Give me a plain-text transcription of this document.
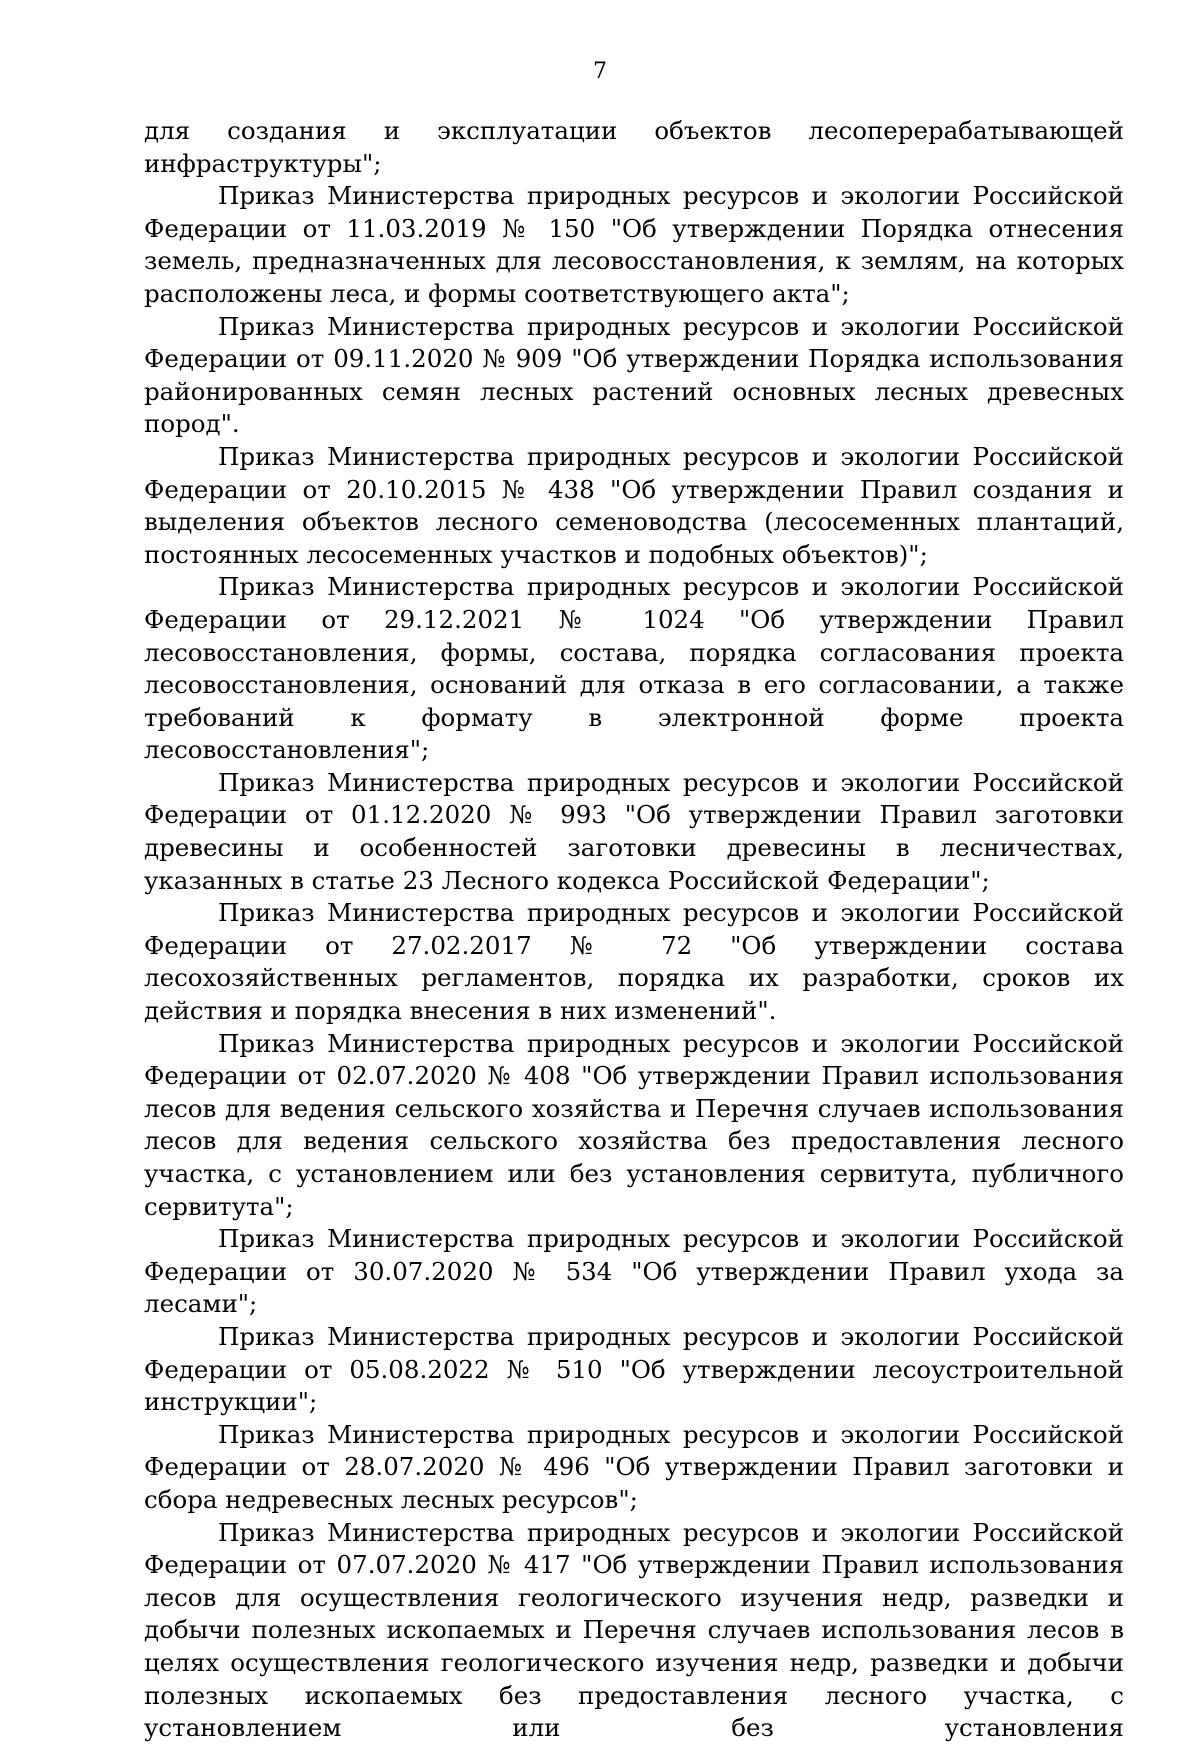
7

для создания и эксплуатации объектов лесоперерабатывающей инфраструктуры";

Приказ Министерства природных ресурсов и экологии Российской Федерации от 11.03.2019 № 150 "Об утверждении Порядка отнесения земель, предназначенных для лесовосстановления, к землям, на которых расположены леса, и формы соответствующего акта";

Приказ Министерства природных ресурсов и экологии Российской Федерации от 09.11.2020 № 909 "Об утверждении Порядка использования районированных семян лесных растений основных лесных древесных пород".

Приказ Министерства природных ресурсов и экологии Российской Федерации от 20.10.2015 № 438 "Об утверждении Правил создания и выделения объектов лесного семеноводства (лесосеменных плантаций, постоянных лесосеменных участков и подобных объектов)";

Приказ Министерства природных ресурсов и экологии Российской Федерации от 29.12.2021 № 1024 "Об утверждении Правил лесовосстановления, формы, состава, порядка согласования проекта лесовосстановления, оснований для отказа в его согласовании, а также требований к формату в электронной форме проекта лесовосстановления";

Приказ Министерства природных ресурсов и экологии Российской Федерации от 01.12.2020 № 993 "Об утверждении Правил заготовки древесины и особенностей заготовки древесины в лесничествах, указанных в статье 23 Лесного кодекса Российской Федерации";

Приказ Министерства природных ресурсов и экологии Российской Федерации от 27.02.2017 № 72 "Об утверждении состава лесохозяйственных регламентов, порядка их разработки, сроков их действия и порядка внесения в них изменений".

Приказ Министерства природных ресурсов и экологии Российской Федерации от 02.07.2020 № 408 "Об утверждении Правил использования лесов для ведения сельского хозяйства и Перечня случаев использования лесов для ведения сельского хозяйства без предоставления лесного участка, с установлением или без установления сервитута, публичного сервитута";

Приказ Министерства природных ресурсов и экологии Российской Федерации от 30.07.2020 № 534 "Об утверждении Правил ухода за лесами";

Приказ Министерства природных ресурсов и экологии Российской Федерации от 05.08.2022 № 510 "Об утверждении лесоустроительной инструкции";

Приказ Министерства природных ресурсов и экологии Российской Федерации от 28.07.2020 № 496 "Об утверждении Правил заготовки и сбора недревесных лесных ресурсов";

Приказ Министерства природных ресурсов и экологии Российской Федерации от 07.07.2020 № 417 "Об утверждении Правил использования лесов для осуществления геологического изучения недр, разведки и добычи полезных ископаемых и Перечня случаев использования лесов в целях осуществления геологического изучения недр, разведки и добычи полезных ископаемых без предоставления лесного участка, с установлением или без установления
